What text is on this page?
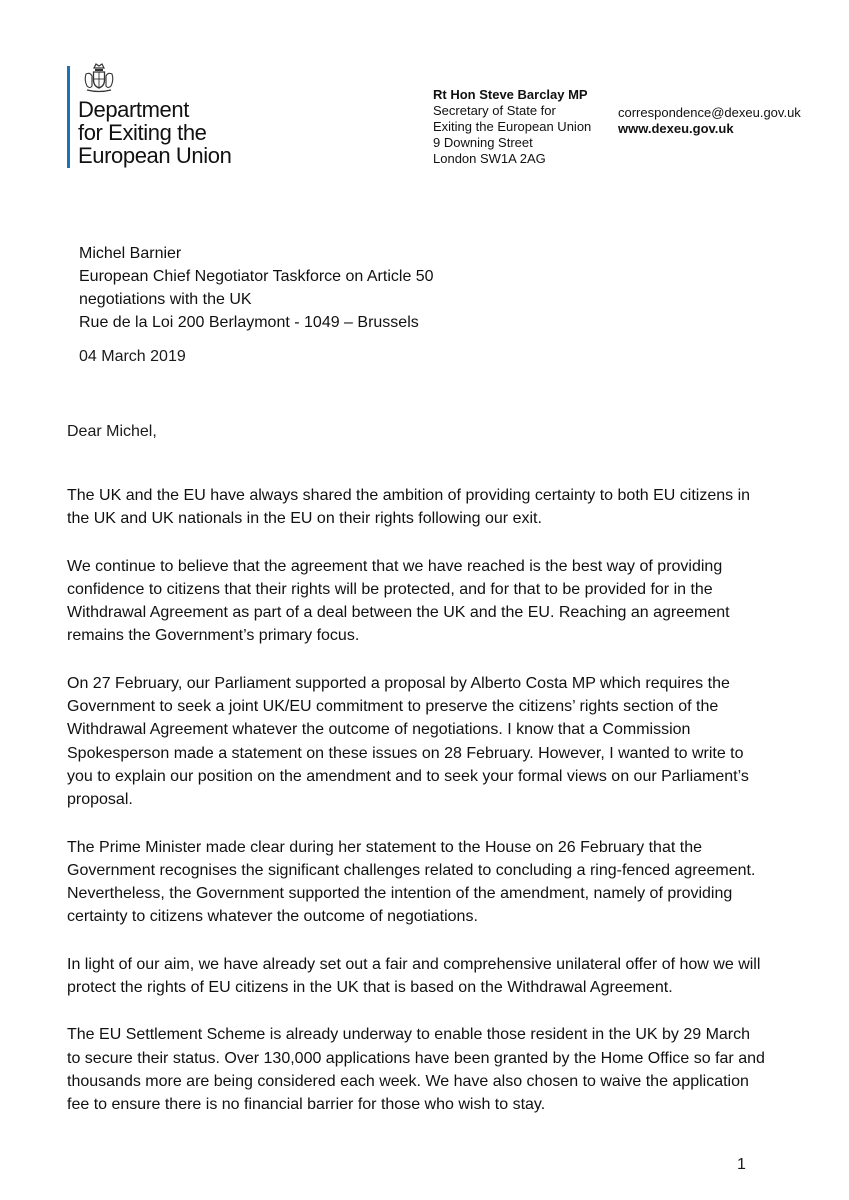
Department
for Exiting the
European Union
Rt Hon Steve Barclay MP
Secretary of State for
Exiting the European Union
9 Downing Street
London SW1A 2AG
correspondence@dexeu.gov.uk
www.dexeu.gov.uk
Michel Barnier
European Chief Negotiator Taskforce on Article 50
negotiations with the UK
Rue de la Loi 200 Berlaymont - 1049 – Brussels
04 March 2019
Dear Michel,

The UK and the EU have always shared the ambition of providing certainty to both EU citizens in the UK and UK nationals in the EU on their rights following our exit.

We continue to believe that the agreement that we have reached is the best way of providing confidence to citizens that their rights will be protected, and for that to be provided for in the Withdrawal Agreement as part of a deal between the UK and the EU. Reaching an agreement remains the Government’s primary focus.

On 27 February, our Parliament supported a proposal by Alberto Costa MP which requires the Government to seek a joint UK/EU commitment to preserve the citizens’ rights section of the Withdrawal Agreement whatever the outcome of negotiations. I know that a Commission Spokesperson made a statement on these issues on 28 February. However, I wanted to write to you to explain our position on the amendment and to seek your formal views on our Parliament’s proposal.

The Prime Minister made clear during her statement to the House on 26 February that the Government recognises the significant challenges related to concluding a ring-fenced agreement. Nevertheless, the Government supported the intention of the amendment, namely of providing certainty to citizens whatever the outcome of negotiations.

In light of our aim, we have already set out a fair and comprehensive unilateral offer of how we will protect the rights of EU citizens in the UK that is based on the Withdrawal Agreement.

The EU Settlement Scheme is already underway to enable those resident in the UK by 29 March to secure their status. Over 130,000 applications have been granted by the Home Office so far and thousands more are being considered each week. We have also chosen to waive the application fee to ensure there is no financial barrier for those who wish to stay.

1
